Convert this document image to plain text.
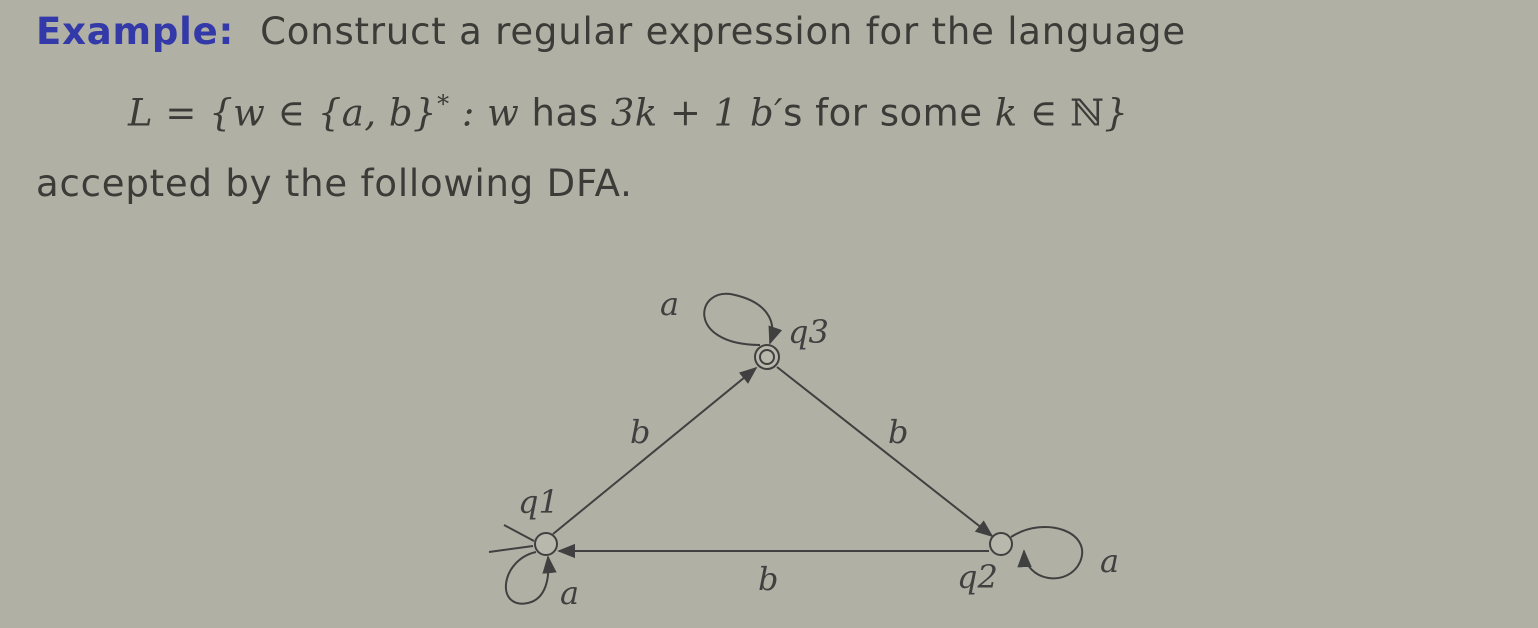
Example: Construct a regular expression for the language
L = {w ∈ {a, b}* : w has 3k + 1 b′s for some k ∈ ℕ}
accepted by the following DFA.
a
q3
b	b
q1
b	q2	a
a
